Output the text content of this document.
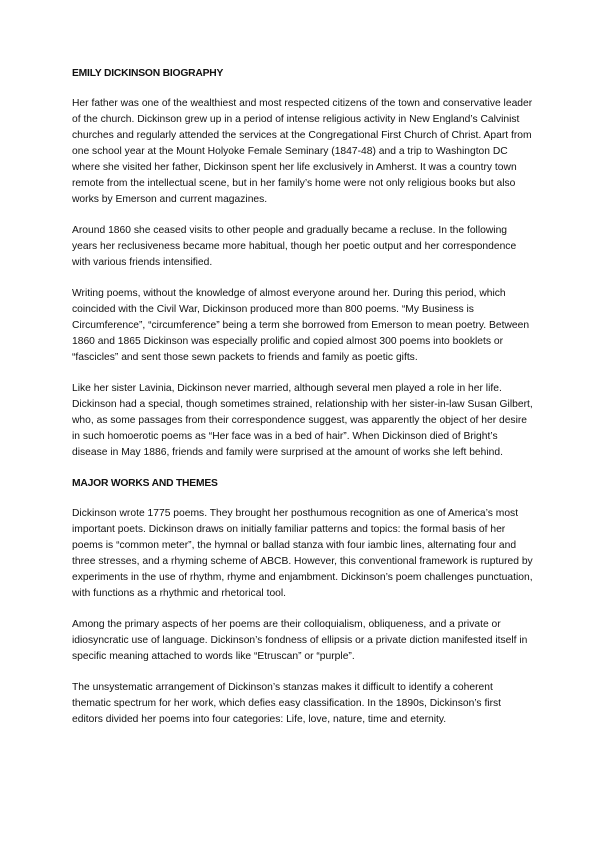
EMILY DICKINSON BIOGRAPHY

Her father was one of the wealthiest and most respected citizens of the town and conservative leader of the church. Dickinson grew up in a period of intense religious activity in New England’s Calvinist churches and regularly attended the services at the Congregational First Church of Christ. Apart from one school year at the Mount Holyoke Female Seminary (1847-48) and a trip to Washington DC where she visited her father, Dickinson spent her life exclusively in Amherst. It was a country town remote from the intellectual scene, but in her family’s home were not only religious books but also works by Emerson and current magazines.

Around 1860 she ceased visits to other people and gradually became a recluse. In the following years her reclusiveness became more habitual, though her poetic output and her correspondence with various friends intensified.

Writing poems, without the knowledge of almost everyone around her. During this period, which coincided with the Civil War, Dickinson produced more than 800 poems. “My Business is Circumference”, “circumference” being a term she borrowed from Emerson to mean poetry. Between 1860 and 1865 Dickinson was especially prolific and copied almost 300 poems into booklets or “fascicles” and sent those sewn packets to friends and family as poetic gifts.

Like her sister Lavinia, Dickinson never married, although several men played a role in her life. Dickinson had a special, though sometimes strained, relationship with her sister-in-law Susan Gilbert, who, as some passages from their correspondence suggest, was apparently the object of her desire in such homoerotic poems as “Her face was in a bed of hair”. When Dickinson died of Bright’s disease in May 1886, friends and family were surprised at the amount of works she left behind.

MAJOR WORKS AND THEMES

Dickinson wrote 1775 poems. They brought her posthumous recognition as one of America’s most important poets. Dickinson draws on initially familiar patterns and topics: the formal basis of her poems is “common meter”, the hymnal or ballad stanza with four iambic lines, alternating four and three stresses, and a rhyming scheme of ABCB. However, this conventional framework is ruptured by experiments in the use of rhythm, rhyme and enjambment. Dickinson’s poem challenges punctuation, with functions as a rhythmic and rhetorical tool.

Among the primary aspects of her poems are their colloquialism, obliqueness, and a private or idiosyncratic use of language. Dickinson’s fondness of ellipsis or a private diction manifested itself in specific meaning attached to words like “Etruscan” or “purple”.

The unsystematic arrangement of Dickinson’s stanzas makes it difficult to identify a coherent thematic spectrum for her work, which defies easy classification. In the 1890s, Dickinson’s first editors divided her poems into four categories: Life, love, nature, time and eternity.
